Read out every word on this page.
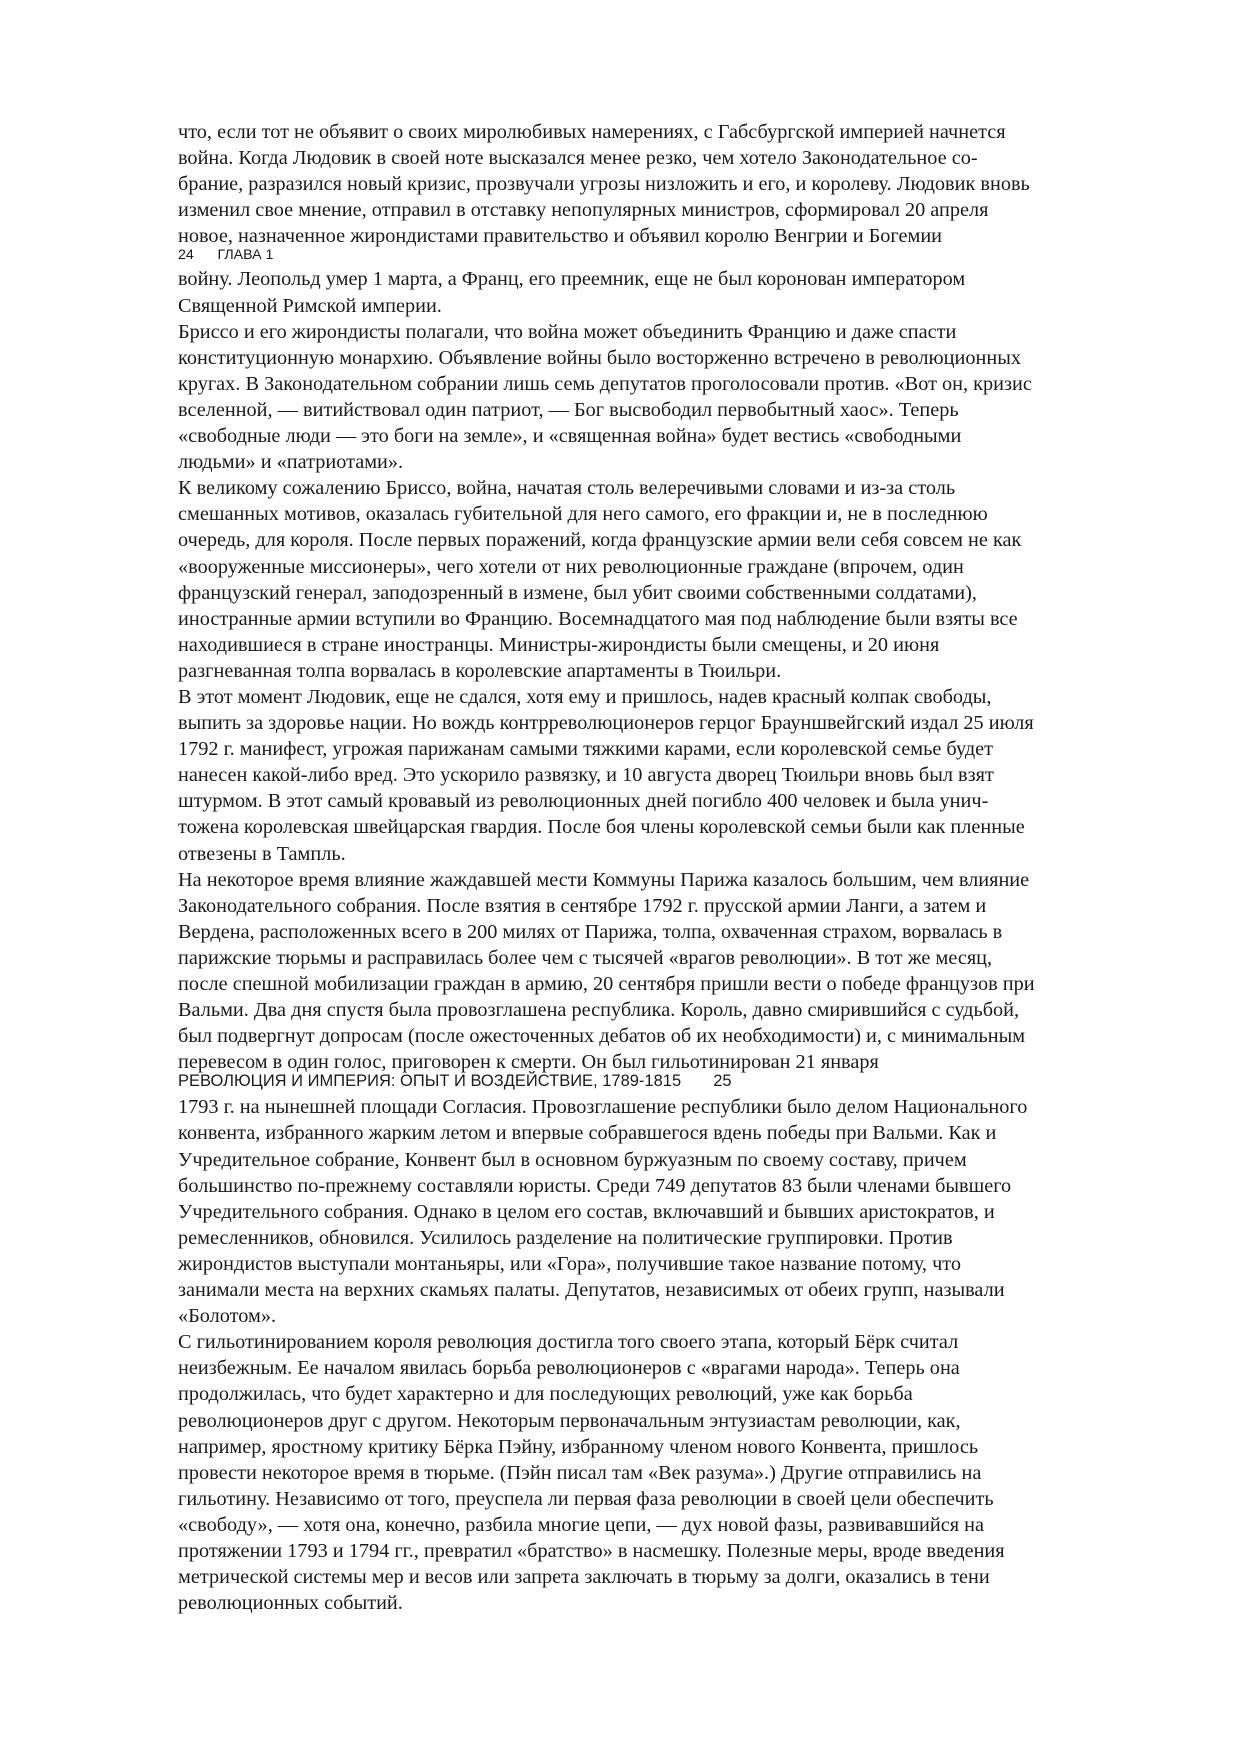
что, если тот не объявит о своих миролюбивых намерениях, с Габсбургской империей начнется
война. Когда Людовик в своей ноте высказался менее резко, чем хотело Законодательное со-
брание, разразился новый кризис, прозвучали угрозы низложить и его, и королеву. Людовик вновь
изменил свое мнение, отправил в отставку непопулярных министров, сформировал 20 апреля
новое, назначенное жирондистами правительство и объявил королю Венгрии и Богемии
24 ГЛАВА 1
войну. Леопольд умер 1 марта, а Франц, его преемник, еще не был коронован императором
Священной Римской империи.
Бриссо и его жирондисты полагали, что война может объединить Францию и даже спасти
конституционную монархию. Объявление войны было восторженно встречено в революционных
кругах. В Законодательном собрании лишь семь депутатов проголосовали против. «Вот он, кризис
вселенной, — витийствовал один патриот, — Бог высвободил первобытный хаос». Теперь
«свободные люди — это боги на земле», и «священная война» будет вестись «свободными
людьми» и «патриотами».
К великому сожалению Бриссо, война, начатая столь велеречивыми словами и из-за столь
смешанных мотивов, оказалась губительной для него самого, его фракции и, не в последнюю
очередь, для короля. После первых поражений, когда французские армии вели себя совсем не как
«вооруженные миссионеры», чего хотели от них революционные граждане (впрочем, один
французский генерал, заподозренный в измене, был убит своими собственными солдатами),
иностранные армии вступили во Францию. Восемнадцатого мая под наблюдение были взяты все
находившиеся в стране иностранцы. Министры-жирондисты были смещены, и 20 июня
разгневанная толпа ворвалась в королевские апартаменты в Тюильри.
В этот момент Людовик, еще не сдался, хотя ему и пришлось, надев красный колпак свободы,
выпить за здоровье нации. Но вождь контрреволюционеров герцог Брауншвейгский издал 25 июля
1792 г. манифест, угрожая парижанам самыми тяжкими карами, если королевской семье будет
нанесен какой-либо вред. Это ускорило развязку, и 10 августа дворец Тюильри вновь был взят
штурмом. В этот самый кровавый из революционных дней погибло 400 человек и была унич-
тожена королевская швейцарская гвардия. После боя члены королевской семьи были как пленные
отвезены в Тампль.
На некоторое время влияние жаждавшей мести Коммуны Парижа казалось большим, чем влияние
Законодательного собрания. После взятия в сентябре 1792 г. прусской армии Ланги, а затем и
Вердена, расположенных всего в 200 милях от Парижа, толпа, охваченная страхом, ворвалась в
парижские тюрьмы и расправилась более чем с тысячей «врагов революции». В тот же месяц,
после спешной мобилизации граждан в армию, 20 сентября пришли вести о победе французов при
Вальми. Два дня спустя была провозглашена республика. Король, давно смирившийся с судьбой,
был подвергнут допросам (после ожесточенных дебатов об их необходимости) и, с минимальным
перевесом в один голос, приговорен к смерти. Он был гильотинирован 21 января
РЕВОЛЮЦИЯ И ИМПЕРИЯ: ОПЫТ И ВОЗДЕЙСТВИЕ, 1789-1815 25
1793 г. на нынешней площади Согласия. Провозглашение республики было делом Национального
конвента, избранного жарким летом и впервые собравшегося вдень победы при Вальми. Как и
Учредительное собрание, Конвент был в основном буржуазным по своему составу, причем
большинство по-прежнему составляли юристы. Среди 749 депутатов 83 были членами бывшего
Учредительного собрания. Однако в целом его состав, включавший и бывших аристократов, и
ремесленников, обновился. Усилилось разделение на политические группировки. Против
жирондистов выступали монтаньяры, или «Гора», получившие такое название потому, что
занимали места на верхних скамьях палаты. Депутатов, независимых от обеих групп, называли
«Болотом».
С гильотинированием короля революция достигла того своего этапа, который Бёрк считал
неизбежным. Ее началом явилась борьба революционеров с «врагами народа». Теперь она
продолжилась, что будет характерно и для последующих революций, уже как борьба
революционеров друг с другом. Некоторым первоначальным энтузиастам революции, как,
например, яростному критику Бёрка Пэйну, избранному членом нового Конвента, пришлось
провести некоторое время в тюрьме. (Пэйн писал там «Век разума».) Другие отправились на
гильотину. Независимо от того, преуспела ли первая фаза революции в своей цели обеспечить
«свободу», — хотя она, конечно, разбила многие цепи, — дух новой фазы, развивавшийся на
протяжении 1793 и 1794 гг., превратил «братство» в насмешку. Полезные меры, вроде введения
метрической системы мер и весов или запрета заключать в тюрьму за долги, оказались в тени
революционных событий.
